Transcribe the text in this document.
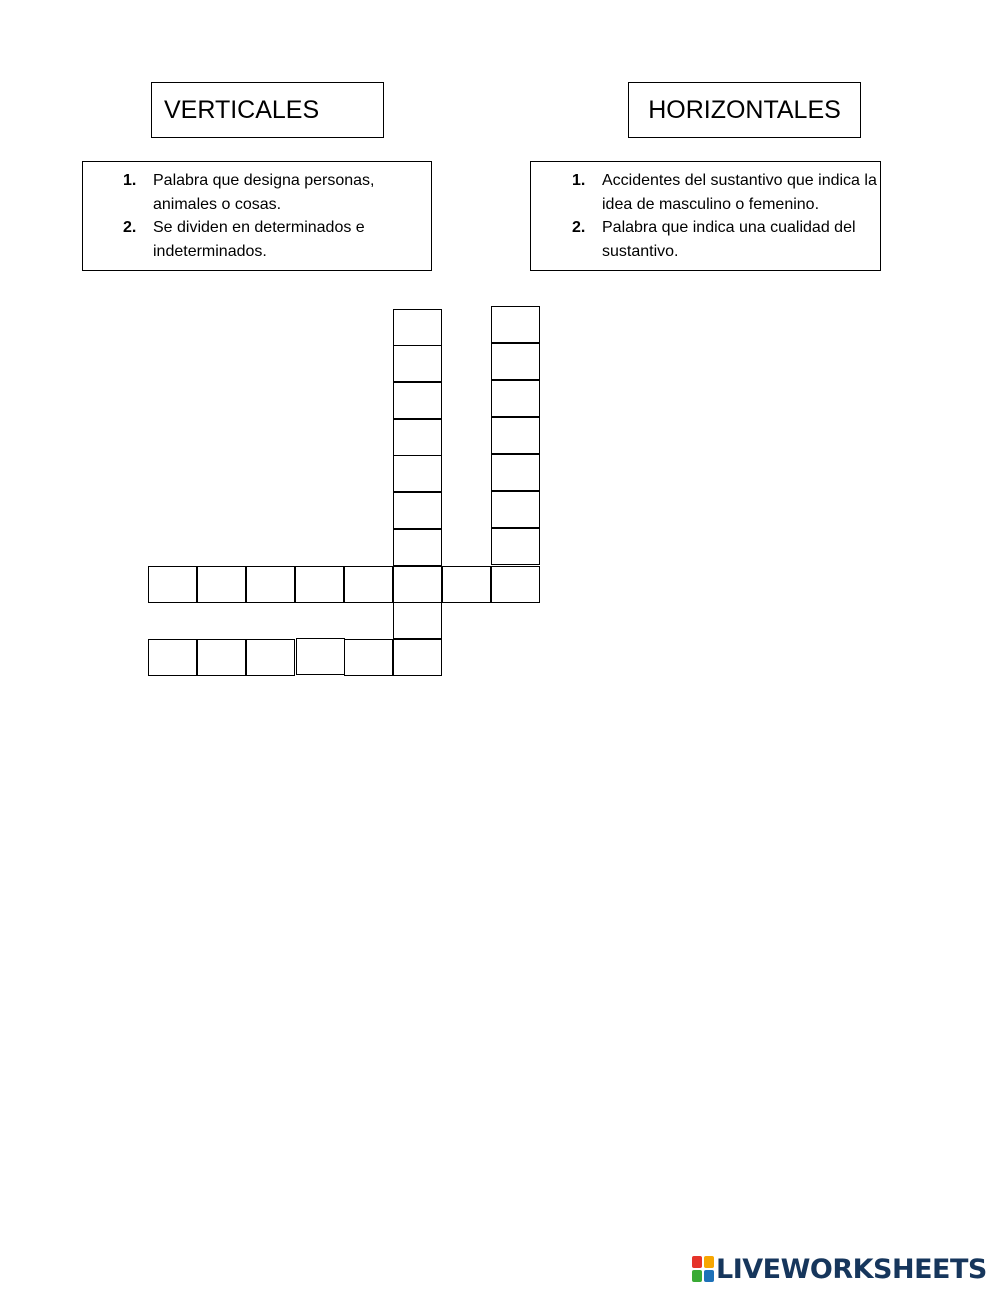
VERTICALES	HORIZONTALES
1. Palabra que designa personas, animales o cosas.
2. Se dividen en determinados e indeterminados.
1. Accidentes del sustantivo que indica la idea de masculino o femenino.
2. Palabra que indica una cualidad del sustantivo.
LIVEWORKSHEETS
